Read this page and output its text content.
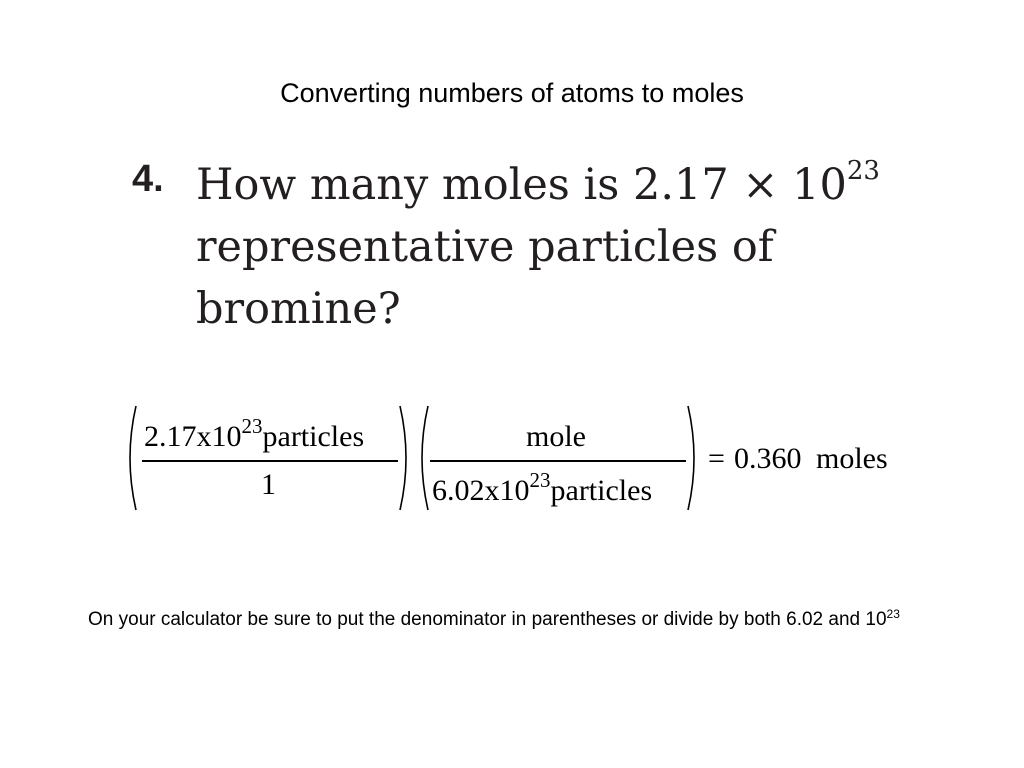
Converting numbers of atoms to moles
4. How many moles is $2.17 \times 10^{23}$
representative particles of
bromine?
$2.17x10^{23}particles$
1
mole
$6.02x10^{23}particles$
= 0.360 moles
On your calculator be sure to put the denominator in parentheses or divide by both 6.02 and $10^{23}$
